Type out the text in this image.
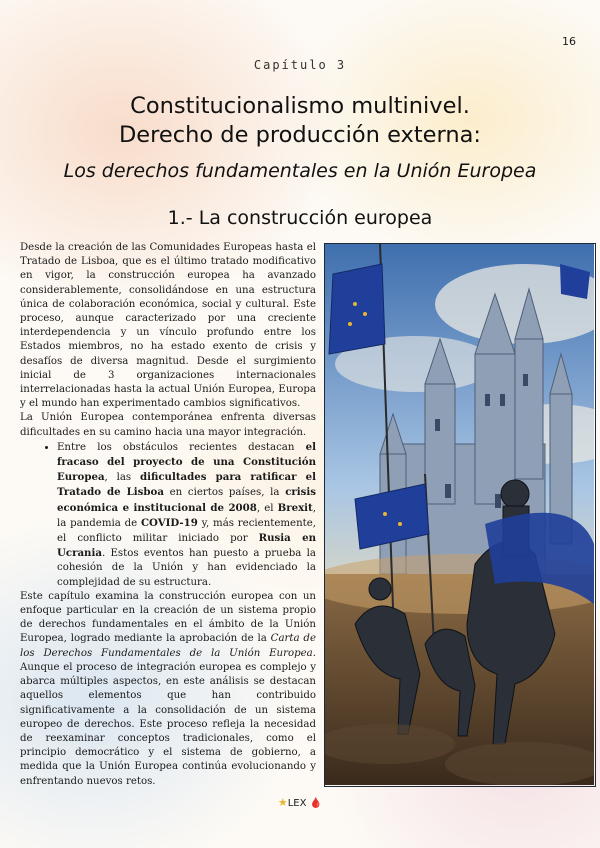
16
Capítulo 3
Constitucionalismo multinivel.
Derecho de producción externa:
Los derechos fundamentales en la Unión Europea
1.- La construcción europea

Desde la creación de las Comunidades Europeas hasta el Tratado de Lisboa, que es el último tratado modificativo en vigor, la construcción europea ha avanzado considerablemente, consolidándose en una estructura única de colaboración económica, social y cultural. Este proceso, aunque caracterizado por una creciente interdependencia y un vínculo profundo entre los Estados miembros, no ha estado exento de crisis y desafíos de diversa magnitud. Desde el surgimiento inicial de 3 organizaciones internacionales interrelacionadas hasta la actual Unión Europea, Europa y el mundo han experimentado cambios significativos.

La Unión Europea contemporánea enfrenta diversas dificultades en su camino hacia una mayor integración.

• Entre los obstáculos recientes destacan el fracaso del proyecto de una Constitución Europea, las dificultades para ratificar el Tratado de Lisboa en ciertos países, la crisis económica e institucional de 2008, el Brexit, la pandemia de COVID-19 y, más recientemente, el conflicto militar iniciado por Rusia en Ucrania. Estos eventos han puesto a prueba la cohesión de la Unión y han evidenciado la complejidad de su estructura.

Este capítulo examina la construcción europea con un enfoque particular en la creación de un sistema propio de derechos fundamentales en el ámbito de la Unión Europea, logrado mediante la aprobación de la Carta de los Derechos Fundamentales de la Unión Europea. Aunque el proceso de integración europea es complejo y abarca múltiples aspectos, en este análisis se destacan aquellos elementos que han contribuido significativamente a la consolidación de un sistema europeo de derechos. Este proceso refleja la necesidad de reexaminar conceptos tradicionales, como el principio democrático y el sistema de gobierno, a medida que la Unión Europea continúa evolucionando y enfrentando nuevos retos.

★LEX 🩸
